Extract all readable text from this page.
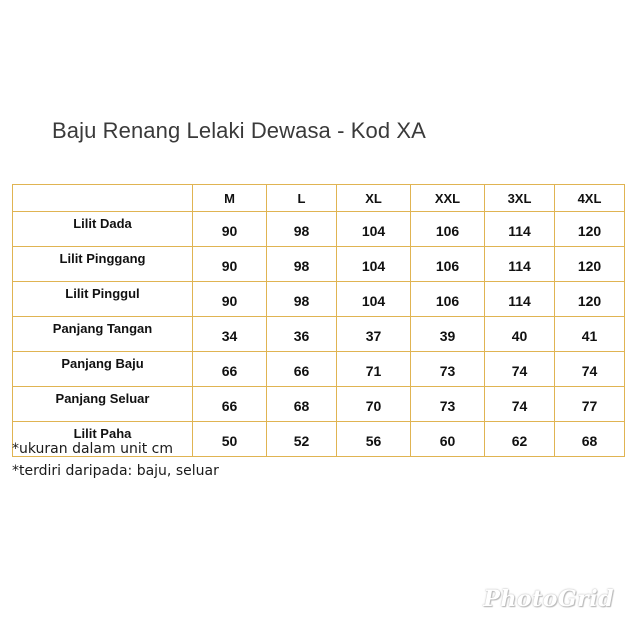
Baju Renang Lelaki Dewasa - Kod XA
	M	L	XL	XXL	3XL	4XL
Lilit Dada	90	98	104	106	114	120
Lilit Pinggang	90	98	104	106	114	120
Lilit Pinggul	90	98	104	106	114	120
Panjang Tangan	34	36	37	39	40	41
Panjang Baju	66	66	71	73	74	74
Panjang Seluar	66	68	70	73	74	77
Lilit Paha	50	52	56	60	62	68
*ukuran dalam unit cm
*terdiri daripada: baju, seluar
PhotoGrid
